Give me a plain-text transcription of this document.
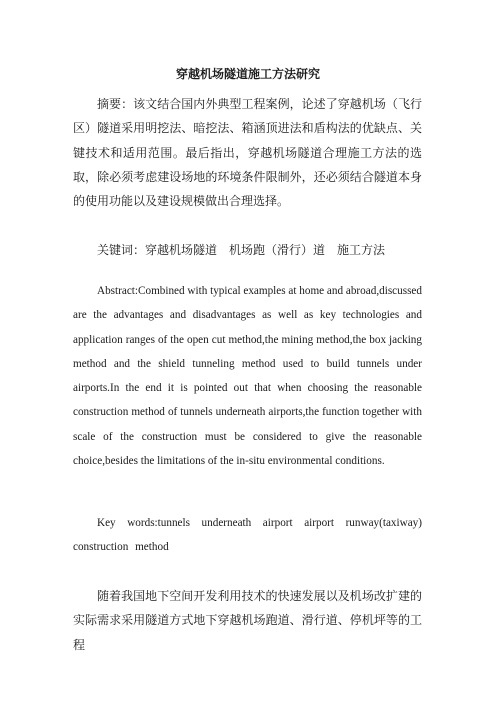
穿越机场隧道施工方法研究

摘要：该文结合国内外典型工程案例，论述了穿越机场（飞行区）隧道采用明挖法、暗挖法、箱涵顶进法和盾构法的优缺点、关键技术和适用范围。最后指出，穿越机场隧道合理施工方法的选取，除必须考虑建设场地的环境条件限制外，还必须结合隧道本身的使用功能以及建设规模做出合理选择。

关键词：穿越机场隧道　机场跑（滑行）道　施工方法

Abstract:Combined with typical examples at home and abroad,discussed are the advantages and disadvantages as well as key technologies and application ranges of the open cut method,the mining method,the box jacking method and the shield tunneling method used to build tunnels under airports.In the end it is pointed out that when choosing the reasonable construction method of tunnels underneath airports,the function together with scale of the construction must be considered to give the reasonable choice,besides the limitations of the in-situ environmental conditions.

Key words:tunnels underneath airport airport runway(taxiway) construction method

随着我国地下空间开发利用技术的快速发展以及机场改扩建的实际需求采用隧道方式地下穿越机场跑道、滑行道、停机坪等的工程
